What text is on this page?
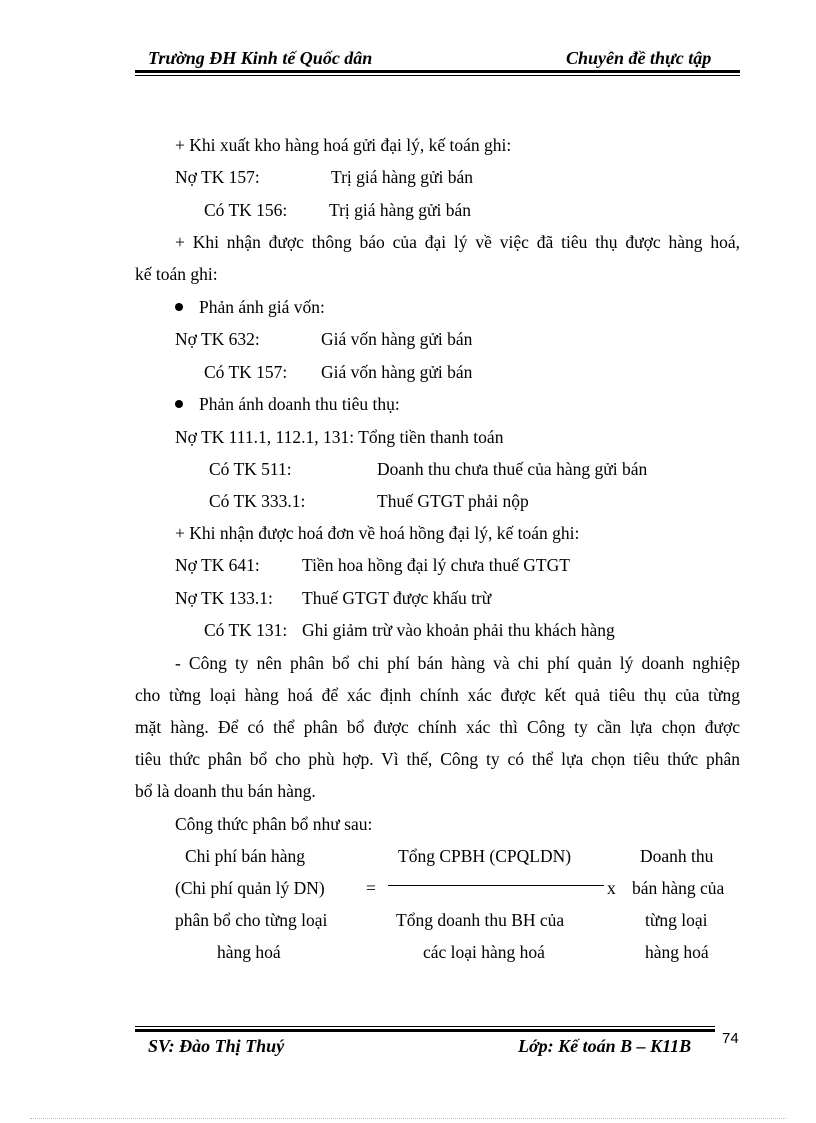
Trường ĐH Kinh tế Quốc dân	Chuyên đề thực tập
+ Khi xuất kho hàng hoá gửi đại lý, kế toán ghi:
Nợ TK 157:	Trị giá hàng gửi bán
Có TK 156: Trị giá hàng gửi bán
+ Khi nhận được thông báo của đại lý về việc đã tiêu thụ được hàng hoá,
kế toán ghi:
Phản ánh giá vốn:
Nợ TK 632:	Giá vốn hàng gửi bán
Có TK 157: Giá vốn hàng gửi bán
Phản ánh doanh thu tiêu thụ:
Nợ TK 111.1, 112.1, 131: Tổng tiền thanh toán
Có TK 511:	Doanh thu chưa thuế của hàng gửi bán
Có TK 333.1:	Thuế GTGT phải nộp
+ Khi nhận được hoá đơn về hoá hồng đại lý, kế toán ghi:
Nợ TK 641: Tiền hoa hồng đại lý chưa thuế GTGT
Nợ TK 133.1: Thuế GTGT được khấu trừ
Có TK 131: Ghi giảm trừ vào khoản phải thu khách hàng
- Công ty nên phân bổ chi phí bán hàng và chi phí quản lý doanh nghiệp
cho từng loại hàng hoá để xác định chính xác được kết quả tiêu thụ của từng
mặt hàng. Để có thể phân bổ được chính xác thì Công ty cần lựa chọn được
tiêu thức phân bổ cho phù hợp. Vì thế, Công ty có thể lựa chọn tiêu thức phân
bổ là doanh thu bán hàng.
Công thức phân bổ như sau:
Chi phí bán hàng
(Chi phí quản lý DN)
phân bổ cho từng loại
hàng hoá
=
Tổng CPBH (CPQLDN)
x
Tổng doanh thu BH của
các loại hàng hoá
Doanh thu
bán hàng của
từng loại
hàng hoá
74
SV: Đào Thị Thuý	Lớp: Kế toán B – K11B
